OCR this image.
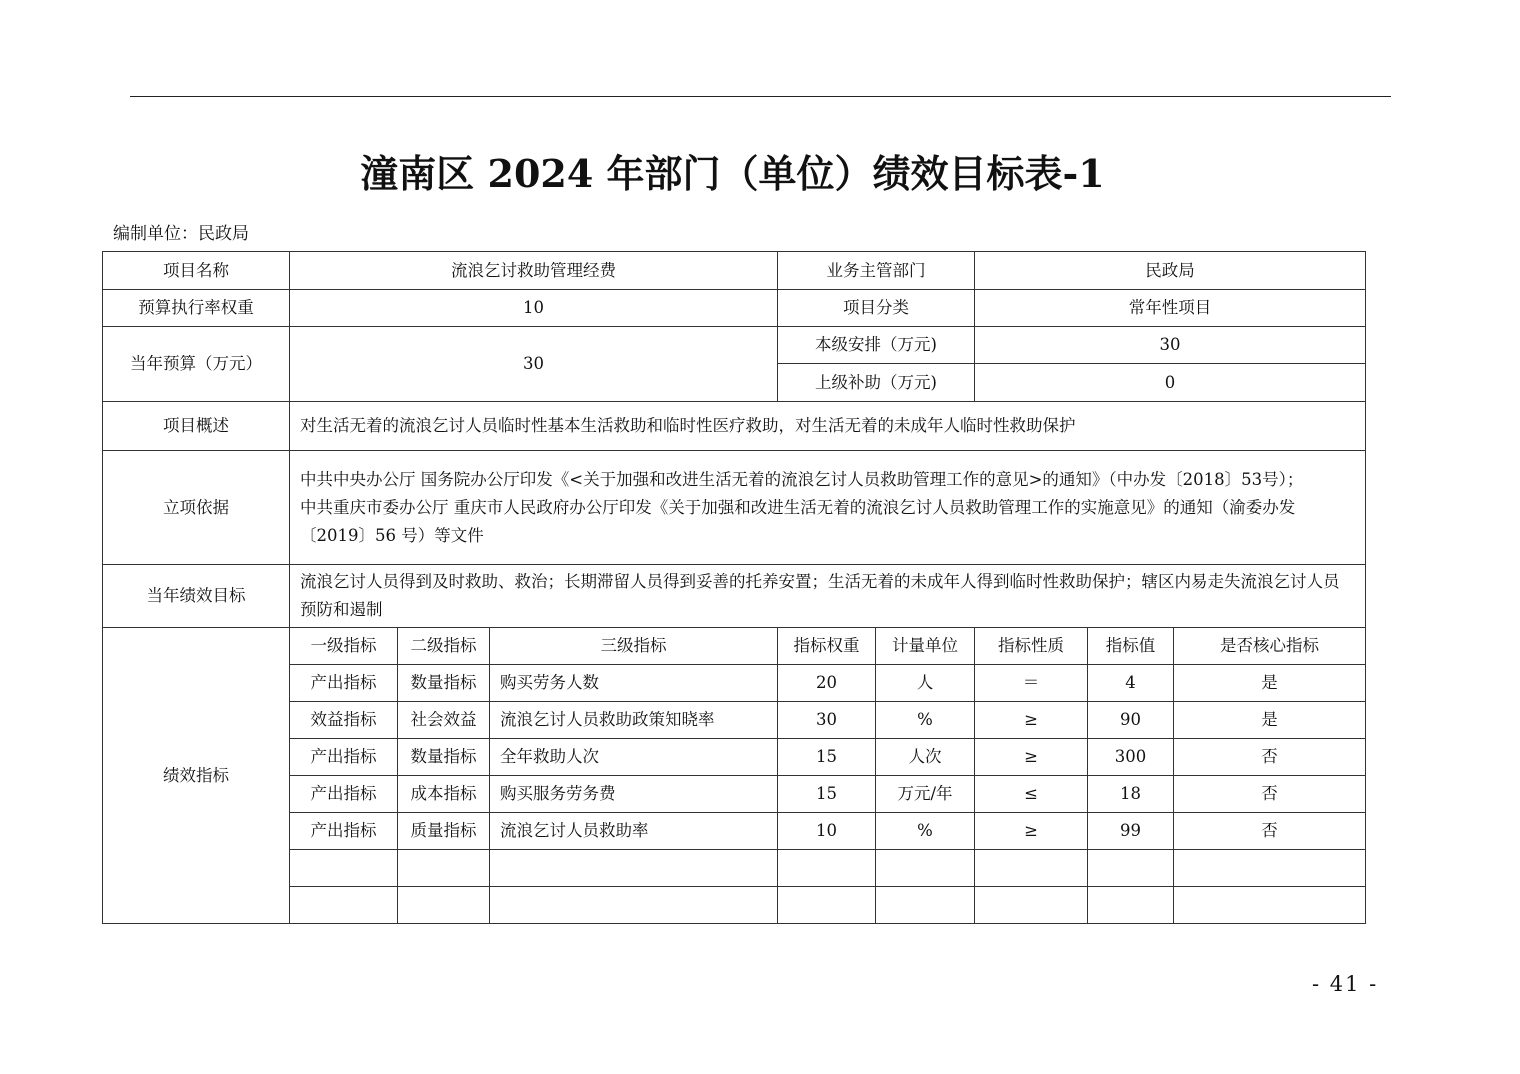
潼南区 2024 年部门（单位）绩效目标表-1
编制单位：民政局
项目名称	流浪乞讨救助管理经费			业务主管部门		民政局		
预算执行率权重	10			项目分类		常年性项目		
当年预算（万元）	30			本级安排（万元)		30		
				上级补助（万元)		0		
项目概述	对生活无着的流浪乞讨人员临时性基本生活救助和临时性医疗救助，对生活无着的未成年人临时性救助保护							
立项依据	中共中央办公厅 国务院办公厅印发《<关于加强和改进生活无着的流浪乞讨人员救助管理工作的意见>的通知》（中办发〔2018〕53号）；
中共重庆市委办公厅 重庆市人民政府办公厅印发《关于加强和改进生活无着的流浪乞讨人员救助管理工作的实施意见》的通知（渝委办发〔2019〕56 号）等文件							

当年绩效目标	流浪乞讨人员得到及时救助、救治；长期滞留人员得到妥善的托养安置；生活无着的未成年人得到临时性救助保护；辖区内易走失流浪乞讨人员预防和遏制							
绩效指标	一级指标	二级指标	三级指标	指标权重	计量单位	指标性质	指标值	是否核心指标
	产出指标	数量指标	购买劳务人数	20	人	＝	4	是
	效益指标	社会效益	流浪乞讨人员救助政策知晓率	30	%	≥	90	是
	产出指标	数量指标	全年救助人次	15	人次	≥	300	否
	产出指标	成本指标	购买服务劳务费	15	万元/年	≤	18	否
	产出指标	质量指标	流浪乞讨人员救助率	10	%	≥	99	否

- 41 -
